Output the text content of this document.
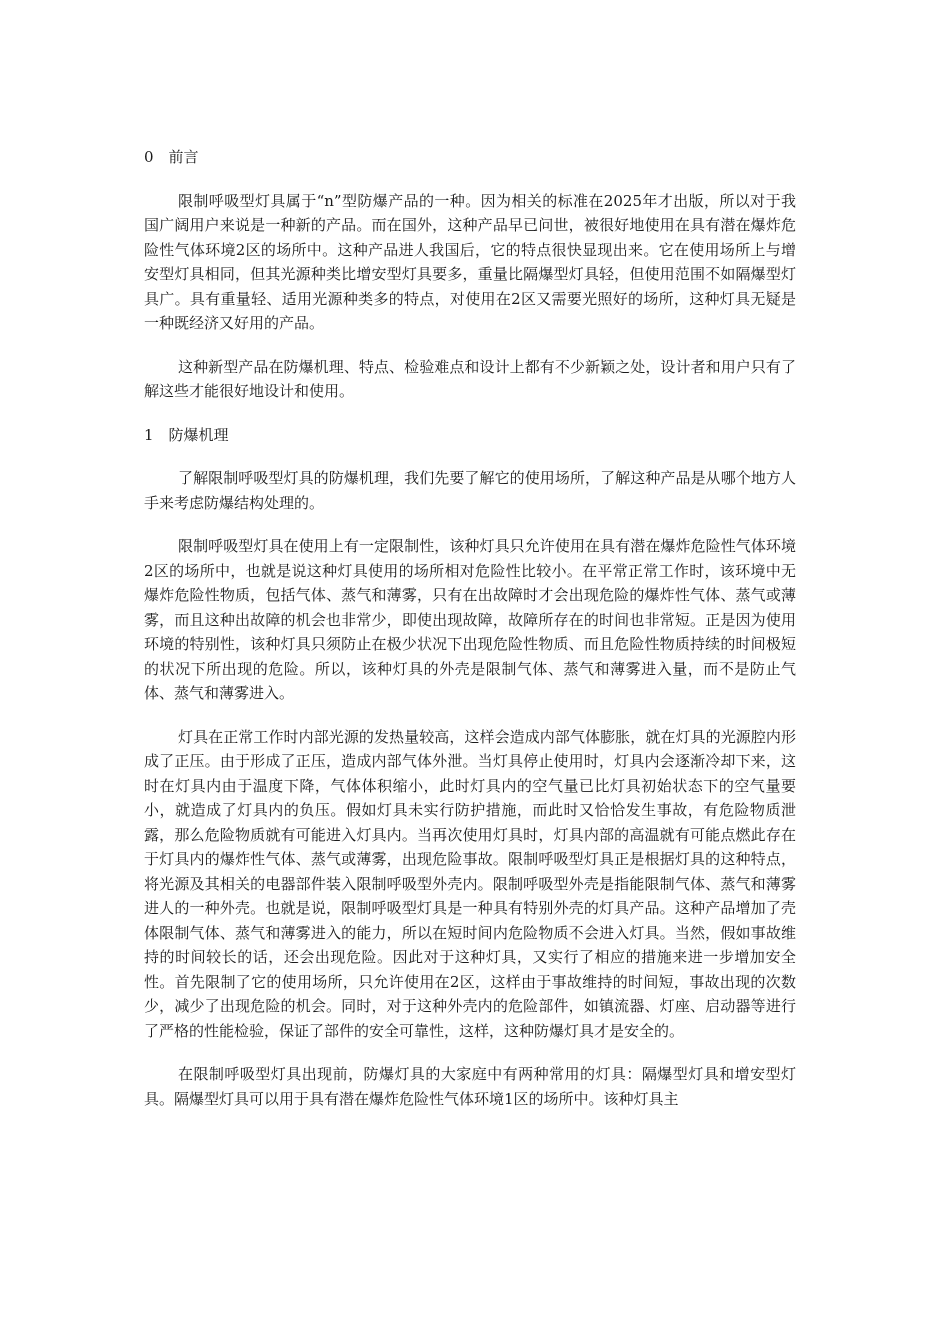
0　前言

限制呼吸型灯具属于“n”型防爆产品的一种。因为相关的标准在2025年才出版，所以对于我国广阔用户来说是一种新的产品。而在国外，这种产品早已问世，被很好地使用在具有潜在爆炸危险性气体环境2区的场所中。这种产品进人我国后，它的特点很快显现出来。它在使用场所上与增安型灯具相同，但其光源种类比增安型灯具要多，重量比隔爆型灯具轻，但使用范围不如隔爆型灯具广。具有重量轻、适用光源种类多的特点，对使用在2区又需要光照好的场所，这种灯具无疑是一种既经济又好用的产品。

这种新型产品在防爆机理、特点、检验难点和设计上都有不少新颖之处，设计者和用户只有了解这些才能很好地设计和使用。

1　防爆机理

了解限制呼吸型灯具的防爆机理，我们先要了解它的使用场所，了解这种产品是从哪个地方人手来考虑防爆结构处理的。

限制呼吸型灯具在使用上有一定限制性，该种灯具只允许使用在具有潜在爆炸危险性气体环境2区的场所中，也就是说这种灯具使用的场所相对危险性比较小。在平常正常工作时，该环境中无爆炸危险性物质，包括气体、蒸气和薄雾，只有在出故障时才会出现危险的爆炸性气体、蒸气或薄雾，而且这种出故障的机会也非常少，即使出现故障，故障所存在的时间也非常短。正是因为使用环境的特别性，该种灯具只须防止在极少状况下出现危险性物质、而且危险性物质持续的时间极短的状况下所出现的危险。所以，该种灯具的外壳是限制气体、蒸气和薄雾进入量，而不是防止气体、蒸气和薄雾进入。

灯具在正常工作时内部光源的发热量较高，这样会造成内部气体膨胀，就在灯具的光源腔内形成了正压。由于形成了正压，造成内部气体外泄。当灯具停止使用时，灯具内会逐渐冷却下来，这时在灯具内由于温度下降，气体体积缩小，此时灯具内的空气量已比灯具初始状态下的空气量要小，就造成了灯具内的负压。假如灯具未实行防护措施，而此时又恰恰发生事故，有危险物质泄露，那么危险物质就有可能进入灯具内。当再次使用灯具时，灯具内部的高温就有可能点燃此存在于灯具内的爆炸性气体、蒸气或薄雾，出现危险事故。限制呼吸型灯具正是根据灯具的这种特点，将光源及其相关的电器部件装入限制呼吸型外壳内。限制呼吸型外壳是指能限制气体、蒸气和薄雾进人的一种外壳。也就是说，限制呼吸型灯具是一种具有特别外壳的灯具产品。这种产品增加了壳体限制气体、蒸气和薄雾进入的能力，所以在短时间内危险物质不会进入灯具。当然，假如事故维持的时间较长的话，还会出现危险。因此对于这种灯具，又实行了相应的措施来进一步增加安全性。首先限制了它的使用场所，只允许使用在2区，这样由于事故维持的时间短，事故出现的次数少，减少了出现危险的机会。同时，对于这种外壳内的危险部件，如镇流器、灯座、启动器等进行了严格的性能检验，保证了部件的安全可靠性，这样，这种防爆灯具才是安全的。

在限制呼吸型灯具出现前，防爆灯具的大家庭中有两种常用的灯具：隔爆型灯具和增安型灯具。隔爆型灯具可以用于具有潜在爆炸危险性气体环境1区的场所中。该种灯具主
